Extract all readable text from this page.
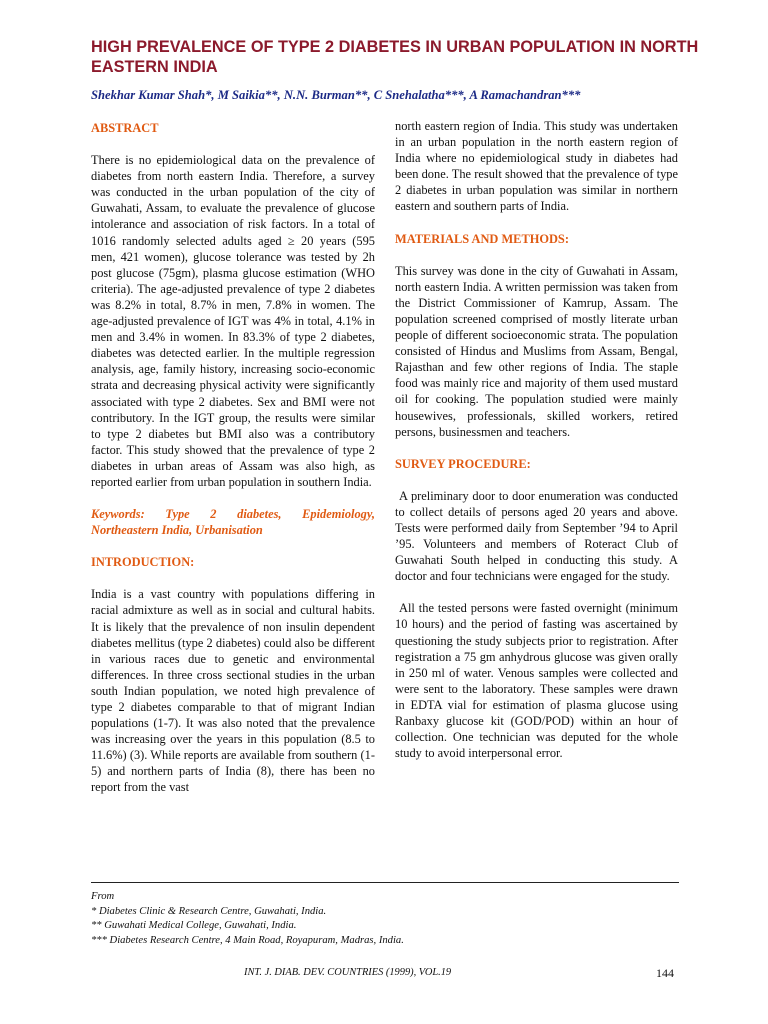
HIGH PREVALENCE OF TYPE 2 DIABETES IN URBAN POPULATION IN NORTH EASTERN INDIA
Shekhar Kumar Shah*, M Saikia**, N.N. Burman**, C Snehalatha***, A Ramachandran***
ABSTRACT

There is no epidemiological data on the prevalence of diabetes from north eastern India. Therefore, a survey was conducted in the urban population of the city of Guwahati, Assam, to evaluate the prevalence of glucose intolerance and association of risk factors. In a total of 1016 randomly selected adults aged ≥ 20 years (595 men, 421 women), glucose tolerance was tested by 2h post glucose (75gm), plasma glucose estimation (WHO criteria). The age-adjusted prevalence of type 2 diabetes was 8.2% in total, 8.7% in men, 7.8% in women. The age-adjusted prevalence of IGT was 4% in total, 4.1% in men and 3.4% in women. In 83.3% of type 2 diabetes, diabetes was detected earlier. In the multiple regression analysis, age, family history, increasing socio-economic strata and decreasing physical activity were significantly associated with type 2 diabetes. Sex and BMI were not contributory. In the IGT group, the results were similar to type 2 diabetes but BMI also was a contributory factor. This study showed that the prevalence of type 2 diabetes in urban areas of Assam was also high, as reported earlier from urban population in southern India.

Keywords: Type 2 diabetes, Epidemiology, Northeastern India, Urbanisation

INTRODUCTION:

India is a vast country with populations differing in racial admixture as well as in social and cultural habits. It is likely that the prevalence of non insulin dependent diabetes mellitus (type 2 diabetes) could also be different in various races due to genetic and environmental differences. In three cross sectional studies in the urban south Indian population, we noted high prevalence of type 2 diabetes comparable to that of migrant Indian populations (1-7). It was also noted that the prevalence was increasing over the years in this population (8.5 to 11.6%) (3). While reports are available from southern (1-5) and northern parts of India (8), there has been no report from the vast

north eastern region of India. This study was undertaken in an urban population in the north eastern region of India where no epidemiological study in diabetes had been done. The result showed that the prevalence of type 2 diabetes in urban population was similar in northern eastern and southern parts of India.

MATERIALS AND METHODS:

This survey was done in the city of Guwahati in Assam, north eastern India. A written permission was taken from the District Commissioner of Kamrup, Assam. The population screened comprised of mostly literate urban people of different socioeconomic strata. The population consisted of Hindus and Muslims from Assam, Bengal, Rajasthan and few other regions of India. The staple food was mainly rice and majority of them used mustard oil for cooking. The population studied were mainly housewives, professionals, skilled workers, retired persons, businessmen and teachers.

SURVEY PROCEDURE:

A preliminary door to door enumeration was conducted to collect details of persons aged 20 years and above. Tests were performed daily from September ’94 to April ’95. Volunteers and members of Roteract Club of Guwahati South helped in conducting this study. A doctor and four technicians were engaged for the study.

All the tested persons were fasted overnight (minimum 10 hours) and the period of fasting was ascertained by questioning the study subjects prior to registration. After registration a 75 gm anhydrous glucose was given orally in 250 ml of water. Venous samples were collected and were sent to the laboratory. These samples were drawn in EDTA vial for estimation of plasma glucose using Ranbaxy glucose kit (GOD/POD) within an hour of collection. One technician was deputed for the whole study to avoid interpersonal error.

From
* Diabetes Clinic & Research Centre, Guwahati, India.
** Guwahati Medical College, Guwahati, India.
*** Diabetes Research Centre, 4 Main Road, Royapuram, Madras, India.
INT. J. DIAB. DEV. COUNTRIES (1999), VOL.19	144
